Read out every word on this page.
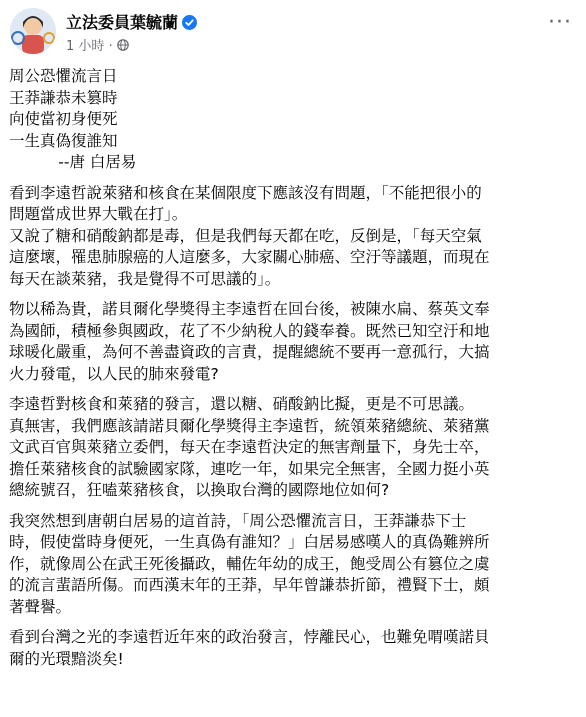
立法委員葉毓蘭
1 小時 ·
···
周公恐懼流言日
王莽謙恭未篡時
向使當初身便死
一生真偽復誰知
--唐 白居易
看到李遠哲說萊豬和核食在某個限度下應該沒有問題，「不能把很小的
問題當成世界大戰在打」。
又說了糖和硝酸鈉都是毒，但是我們每天都在吃，反倒是，「每天空氣
這麼壞，罹患肺腺癌的人這麼多，大家關心肺癌、空汙等議題，而現在
每天在談萊豬，我是覺得不可思議的」。
物以稀為貴，諾貝爾化學獎得主李遠哲在回台後，被陳水扁、蔡英文奉
為國師，積極參與國政，花了不少納稅人的錢奉養。既然已知空汙和地
球暖化嚴重，為何不善盡資政的言責，提醒總統不要再一意孤行，大搞
火力發電，以人民的肺來發電?
李遠哲對核食和萊豬的發言，還以糖、硝酸鈉比擬，更是不可思議。
真無害，我們應該請諾貝爾化學獎得主李遠哲，統領萊豬總統、萊豬黨
文武百官與萊豬立委們，每天在李遠哲決定的無害劑量下，身先士卒，
擔任萊豬核食的試驗國家隊，連吃一年，如果完全無害，全國力挺小英
總統號召，狂嗑萊豬核食，以換取台灣的國際地位如何?
我突然想到唐朝白居易的這首詩，「周公恐懼流言日，王莽謙恭下士
時，假使當時身便死，一生真偽有誰知？」白居易感嘆人的真偽難辨所
作，就像周公在武王死後攝政，輔佐年幼的成王，飽受周公有篡位之虞
的流言蜚語所傷。而西漢末年的王莽，早年曾謙恭折節，禮賢下士，頗
著聲譽。
看到台灣之光的李遠哲近年來的政治發言，悖離民心，也難免喟嘆諾貝
爾的光環黯淡矣!
